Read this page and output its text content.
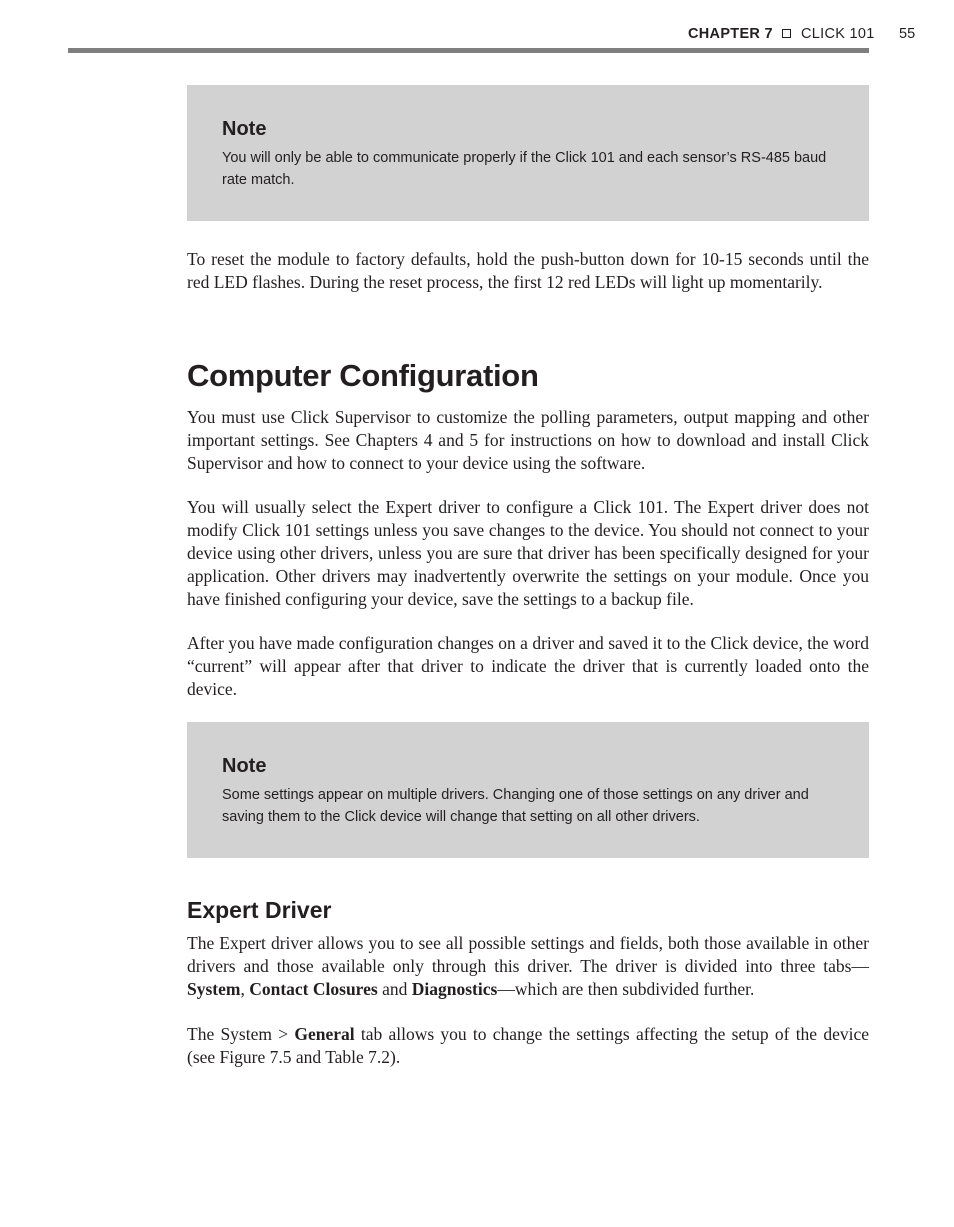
CHAPTER 7 CLICK 101 55
Note
You will only be able to communicate properly if the Click 101 and each sensor’s RS-485 baud rate match.
To reset the module to factory defaults, hold the push-button down for 10-15 seconds until the red LED flashes. During the reset process, the first 12 red LEDs will light up momentarily.
Computer Configuration
You must use Click Supervisor to customize the polling parameters, output mapping and other important settings. See Chapters 4 and 5 for instructions on how to download and install Click Supervisor and how to connect to your device using the software.
You will usually select the Expert driver to configure a Click 101. The Expert driver does not modify Click 101 settings unless you save changes to the device. You should not connect to your device using other drivers, unless you are sure that driver has been specifically designed for your application. Other drivers may inadvertently overwrite the settings on your module. Once you have finished configuring your device, save the settings to a backup file.
After you have made configuration changes on a driver and saved it to the Click device, the word “current” will appear after that driver to indicate the driver that is currently loaded onto the device.
Note
Some settings appear on multiple drivers. Changing one of those settings on any driver and saving them to the Click device will change that setting on all other drivers.
Expert Driver
The Expert driver allows you to see all possible settings and fields, both those available in other drivers and those available only through this driver. The driver is divided into three tabs—System, Contact Closures and Diagnostics—which are then subdivided further.
The System > General tab allows you to change the settings affecting the setup of the device (see Figure 7.5 and Table 7.2).
